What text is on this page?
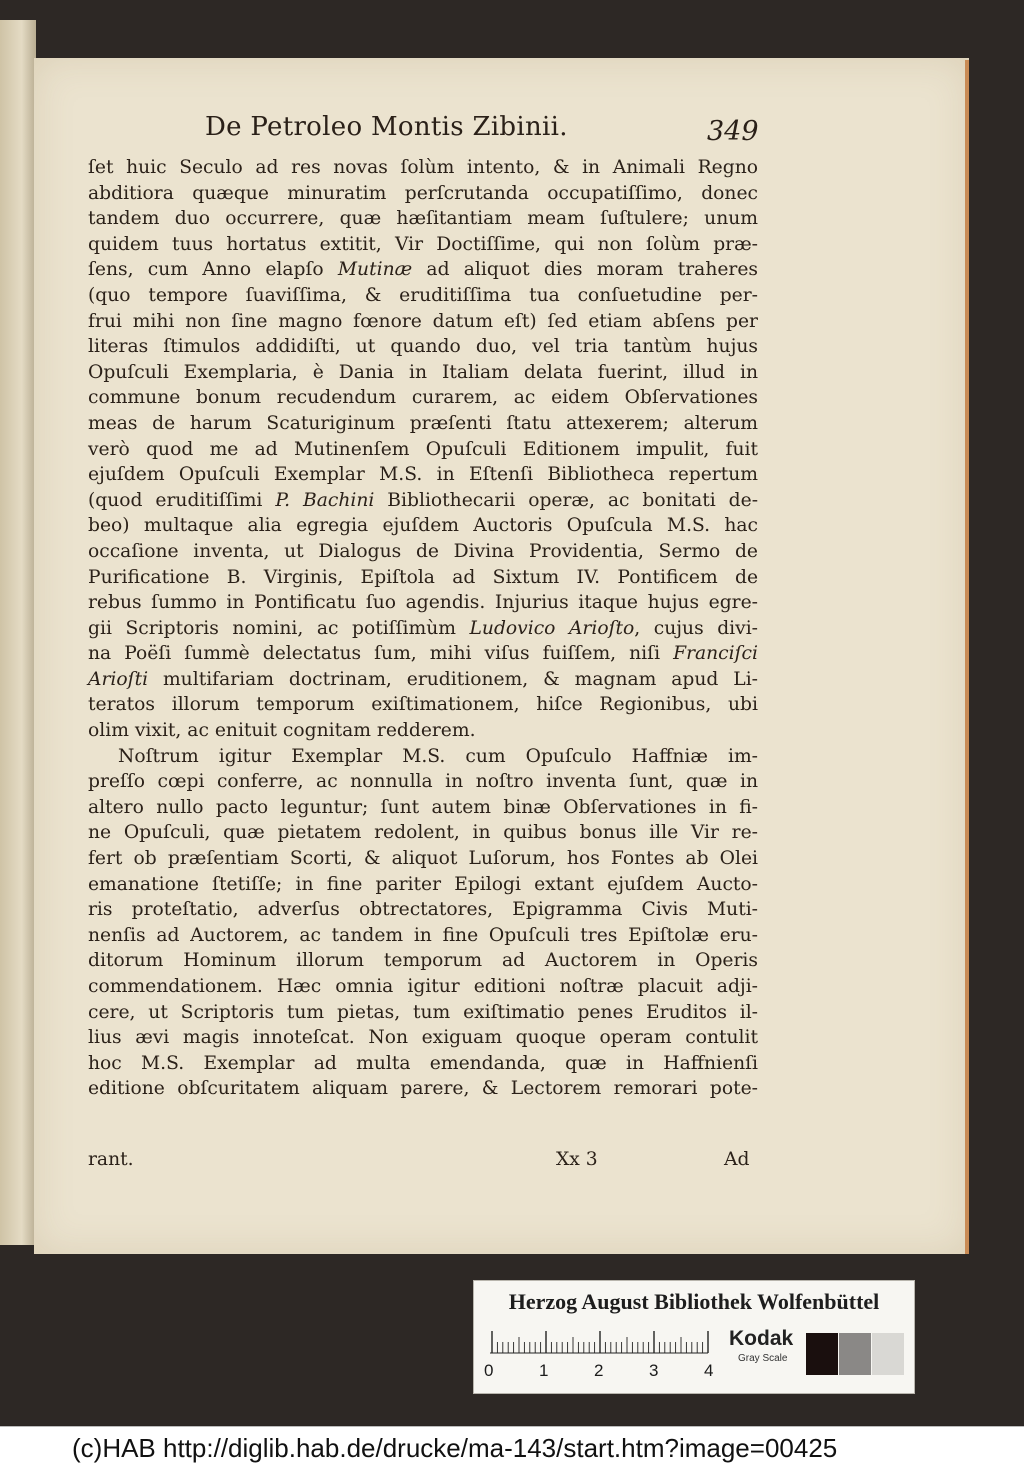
De Petroleo Montis Zibinii.	349
ſet huic Seculo ad res novas ſolùm intento, & in Animali Regno
abditiora quæque minuratim perſcrutanda occupatiſſimo, donec
tandem duo occurrere, quæ hæſitantiam meam ſuſtulere; unum
quidem tuus hortatus extitit, Vir Doctiſſime, qui non ſolùm præ-
ſens, cum Anno elapſo Mutinæ ad aliquot dies moram traheres
(quo tempore ſuaviſſima, & eruditiſſima tua conſuetudine per-
frui mihi non ſine magno fœnore datum eſt) ſed etiam abſens per
literas ſtimulos addidiſti, ut quando duo, vel tria tantùm hujus
Opuſculi Exemplaria, è Dania in Italiam delata fuerint, illud in
commune bonum recudendum curarem, ac eidem Obſervationes
meas de harum Scaturiginum præſenti ſtatu attexerem; alterum
verò quod me ad Mutinenſem Opuſculi Editionem impulit, fuit
ejuſdem Opuſculi Exemplar M.S. in Eſtenſi Bibliotheca repertum
(quod eruditiſſimi P. Bachini Bibliothecarii operæ, ac bonitati de-
beo) multaque alia egregia ejuſdem Auctoris Opuſcula M.S. hac
occaſione inventa, ut Dialogus de Divina Providentia, Sermo de
Purificatione B. Virginis, Epiſtola ad Sixtum IV. Pontificem de
rebus ſummo in Pontificatu ſuo agendis. Injurius itaque hujus egre-
gii Scriptoris nomini, ac potiſſimùm Ludovico Arioſto, cujus divi-
na Poëſi ſummè delectatus ſum, mihi viſus fuiſſem, niſi Franciſci
Arioſti multifariam doctrinam, eruditionem, & magnam apud Li-
teratos illorum temporum exiſtimationem, hiſce Regionibus, ubi
olim vixit, ac enituit cognitam redderem.
Noſtrum igitur Exemplar M.S. cum Opuſculo Haffniæ im-
preſſo cœpi conferre, ac nonnulla in noſtro inventa ſunt, quæ in
altero nullo pacto leguntur; ſunt autem binæ Obſervationes in fi-
ne Opuſculi, quæ pietatem redolent, in quibus bonus ille Vir re-
fert ob præſentiam Scorti, & aliquot Luſorum, hos Fontes ab Olei
emanatione ſtetiſſe; in fine pariter Epilogi extant ejuſdem Aucto-
ris proteſtatio, adverſus obtrectatores, Epigramma Civis Muti-
nenſis ad Auctorem, ac tandem in fine Opuſculi tres Epiſtolæ eru-
ditorum Hominum illorum temporum ad Auctorem in Operis
commendationem. Hæc omnia igitur editioni noſtræ placuit adji-
cere, ut Scriptoris tum pietas, tum exiſtimatio penes Eruditos il-
lius ævi magis innoteſcat. Non exiguam quoque operam contulit
hoc M.S. Exemplar ad multa emendanda, quæ in Haffnienſi
editione obſcuritatem aliquam parere, & Lectorem remorari pote-
rant.	Xx 3	Ad
Herzog August Bibliothek Wolfenbüttel
0	1	2	3	4
Kodak
Gray Scale
(c)HAB http://diglib.hab.de/drucke/ma-143/start.htm?image=00425
